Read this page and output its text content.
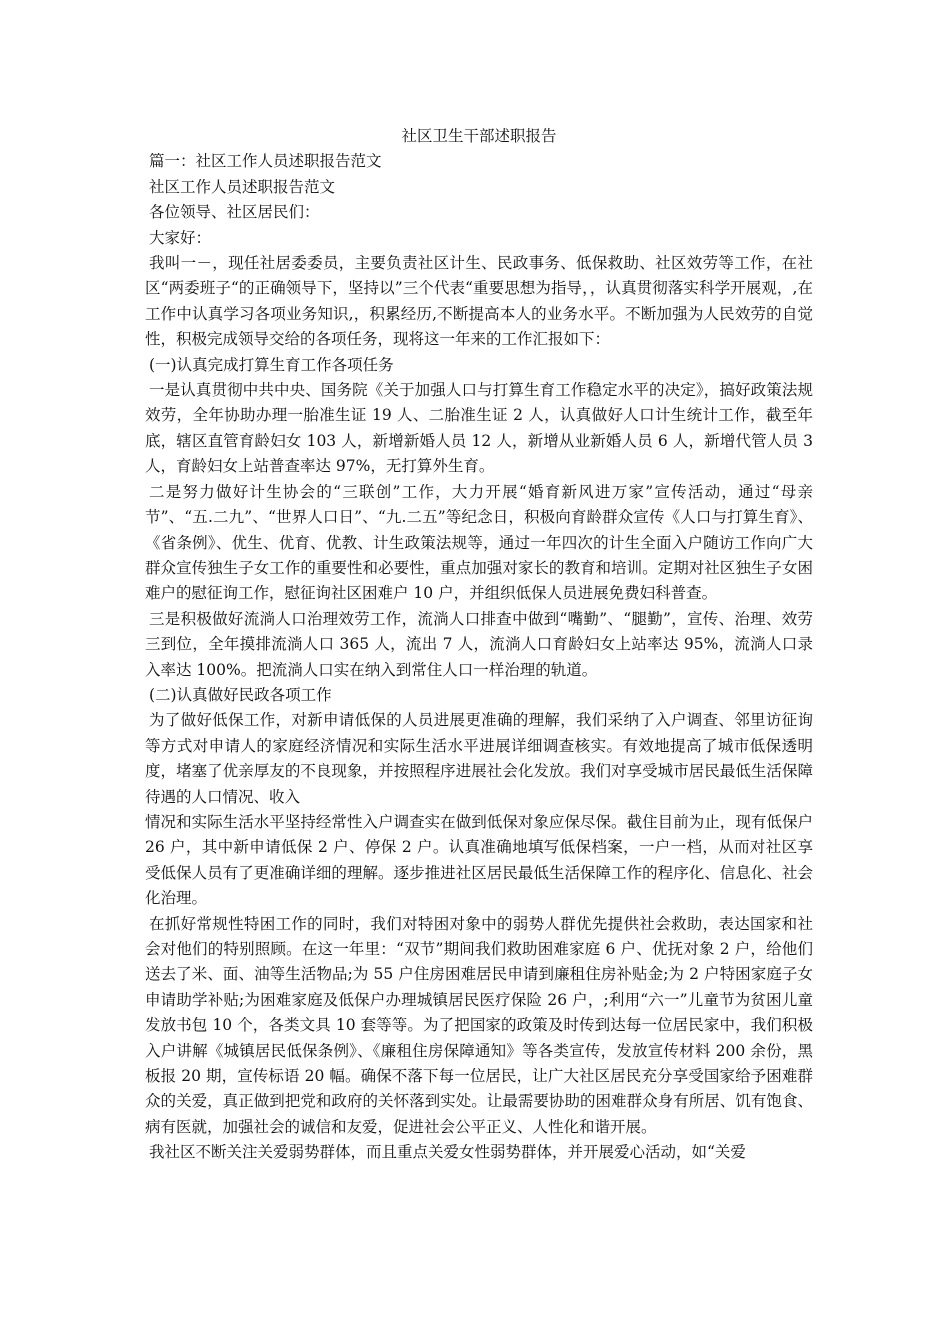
社区卫生干部述职报告

篇一：社区工作人员述职报告范文

社区工作人员述职报告范文

各位领导、社区居民们：

大家好：

我叫一－，现任社居委委员，主要负责社区计生、民政事务、低保救助、社区效劳等工作，在社区“两委班子“的正确领导下，坚持以”三个代表“重要思想为指导，，认真贯彻落实科学开展观，,在工作中认真学习各项业务知识,，积累经历,不断提高本人的业务水平。不断加强为人民效劳的自觉性，积极完成领导交给的各项任务，现将这一年来的工作汇报如下：

(一)认真完成打算生育工作各项任务

一是认真贯彻中共中央、国务院《关于加强人口与打算生育工作稳定水平的决定》，搞好政策法规效劳，全年协助办理一胎准生证 19 人、二胎准生证 2 人，认真做好人口计生统计工作，截至年底，辖区直管育龄妇女 103 人，新增新婚人员 12 人，新增从业新婚人员 6 人，新增代管人员 3 人，育龄妇女上站普查率达 97%，无打算外生育。

二是努力做好计生协会的“三联创”工作，大力开展“婚育新风进万家”宣传活动，通过“母亲节”、“五.二九”、“世界人口日”、“九.二五”等纪念日，积极向育龄群众宣传《人口与打算生育》、《省条例》、优生、优育、优教、计生政策法规等，通过一年四次的计生全面入户随访工作向广大群众宣传独生子女工作的重要性和必要性，重点加强对家长的教育和培训。定期对社区独生子女困难户的慰征询工作，慰征询社区困难户 10 户，并组织低保人员进展免费妇科普查。

三是积极做好流淌人口治理效劳工作，流淌人口排查中做到“嘴勤”、“腿勤”，宣传、治理、效劳三到位，全年摸排流淌人口 365 人，流出 7 人，流淌人口育龄妇女上站率达 95%，流淌人口录入率达 100%。把流淌人口实在纳入到常住人口一样治理的轨道。

(二)认真做好民政各项工作

为了做好低保工作，对新申请低保的人员进展更准确的理解，我们采纳了入户调查、邻里访征询等方式对申请人的家庭经济情况和实际生活水平进展详细调查核实。有效地提高了城市低保透明度，堵塞了优亲厚友的不良现象，并按照程序进展社会化发放。我们对享受城市居民最低生活保障待遇的人口情况、收入

情况和实际生活水平坚持经常性入户调查实在做到低保对象应保尽保。截住目前为止，现有低保户 26 户，其中新申请低保 2 户、停保 2 户。认真准确地填写低保档案，一户一档，从而对社区享受低保人员有了更准确详细的理解。逐步推进社区居民最低生活保障工作的程序化、信息化、社会化治理。

在抓好常规性特困工作的同时，我们对特困对象中的弱势人群优先提供社会救助，表达国家和社会对他们的特别照顾。在这一年里：“双节”期间我们救助困难家庭 6 户、优抚对象 2 户，给他们送去了米、面、油等生活物品;为 55 户住房困难居民申请到廉租住房补贴金;为 2 户特困家庭子女申请助学补贴;为困难家庭及低保户办理城镇居民医疗保险 26 户，;利用“六一”儿童节为贫困儿童发放书包 10 个，各类文具 10 套等等。为了把国家的政策及时传到达每一位居民家中，我们积极入户讲解《城镇居民低保条例》、《廉租住房保障通知》等各类宣传，发放宣传材料 200 余份，黑板报 20 期，宣传标语 20 幅。确保不落下每一位居民，让广大社区居民充分享受国家给予困难群众的关爱，真正做到把党和政府的关怀落到实处。让最需要协助的困难群众身有所居、饥有饱食、病有医就，加强社会的诚信和友爱，促进社会公平正义、人性化和谐开展。

我社区不断关注关爱弱势群体，而且重点关爱女性弱势群体，并开展爱心活动，如“关爱
